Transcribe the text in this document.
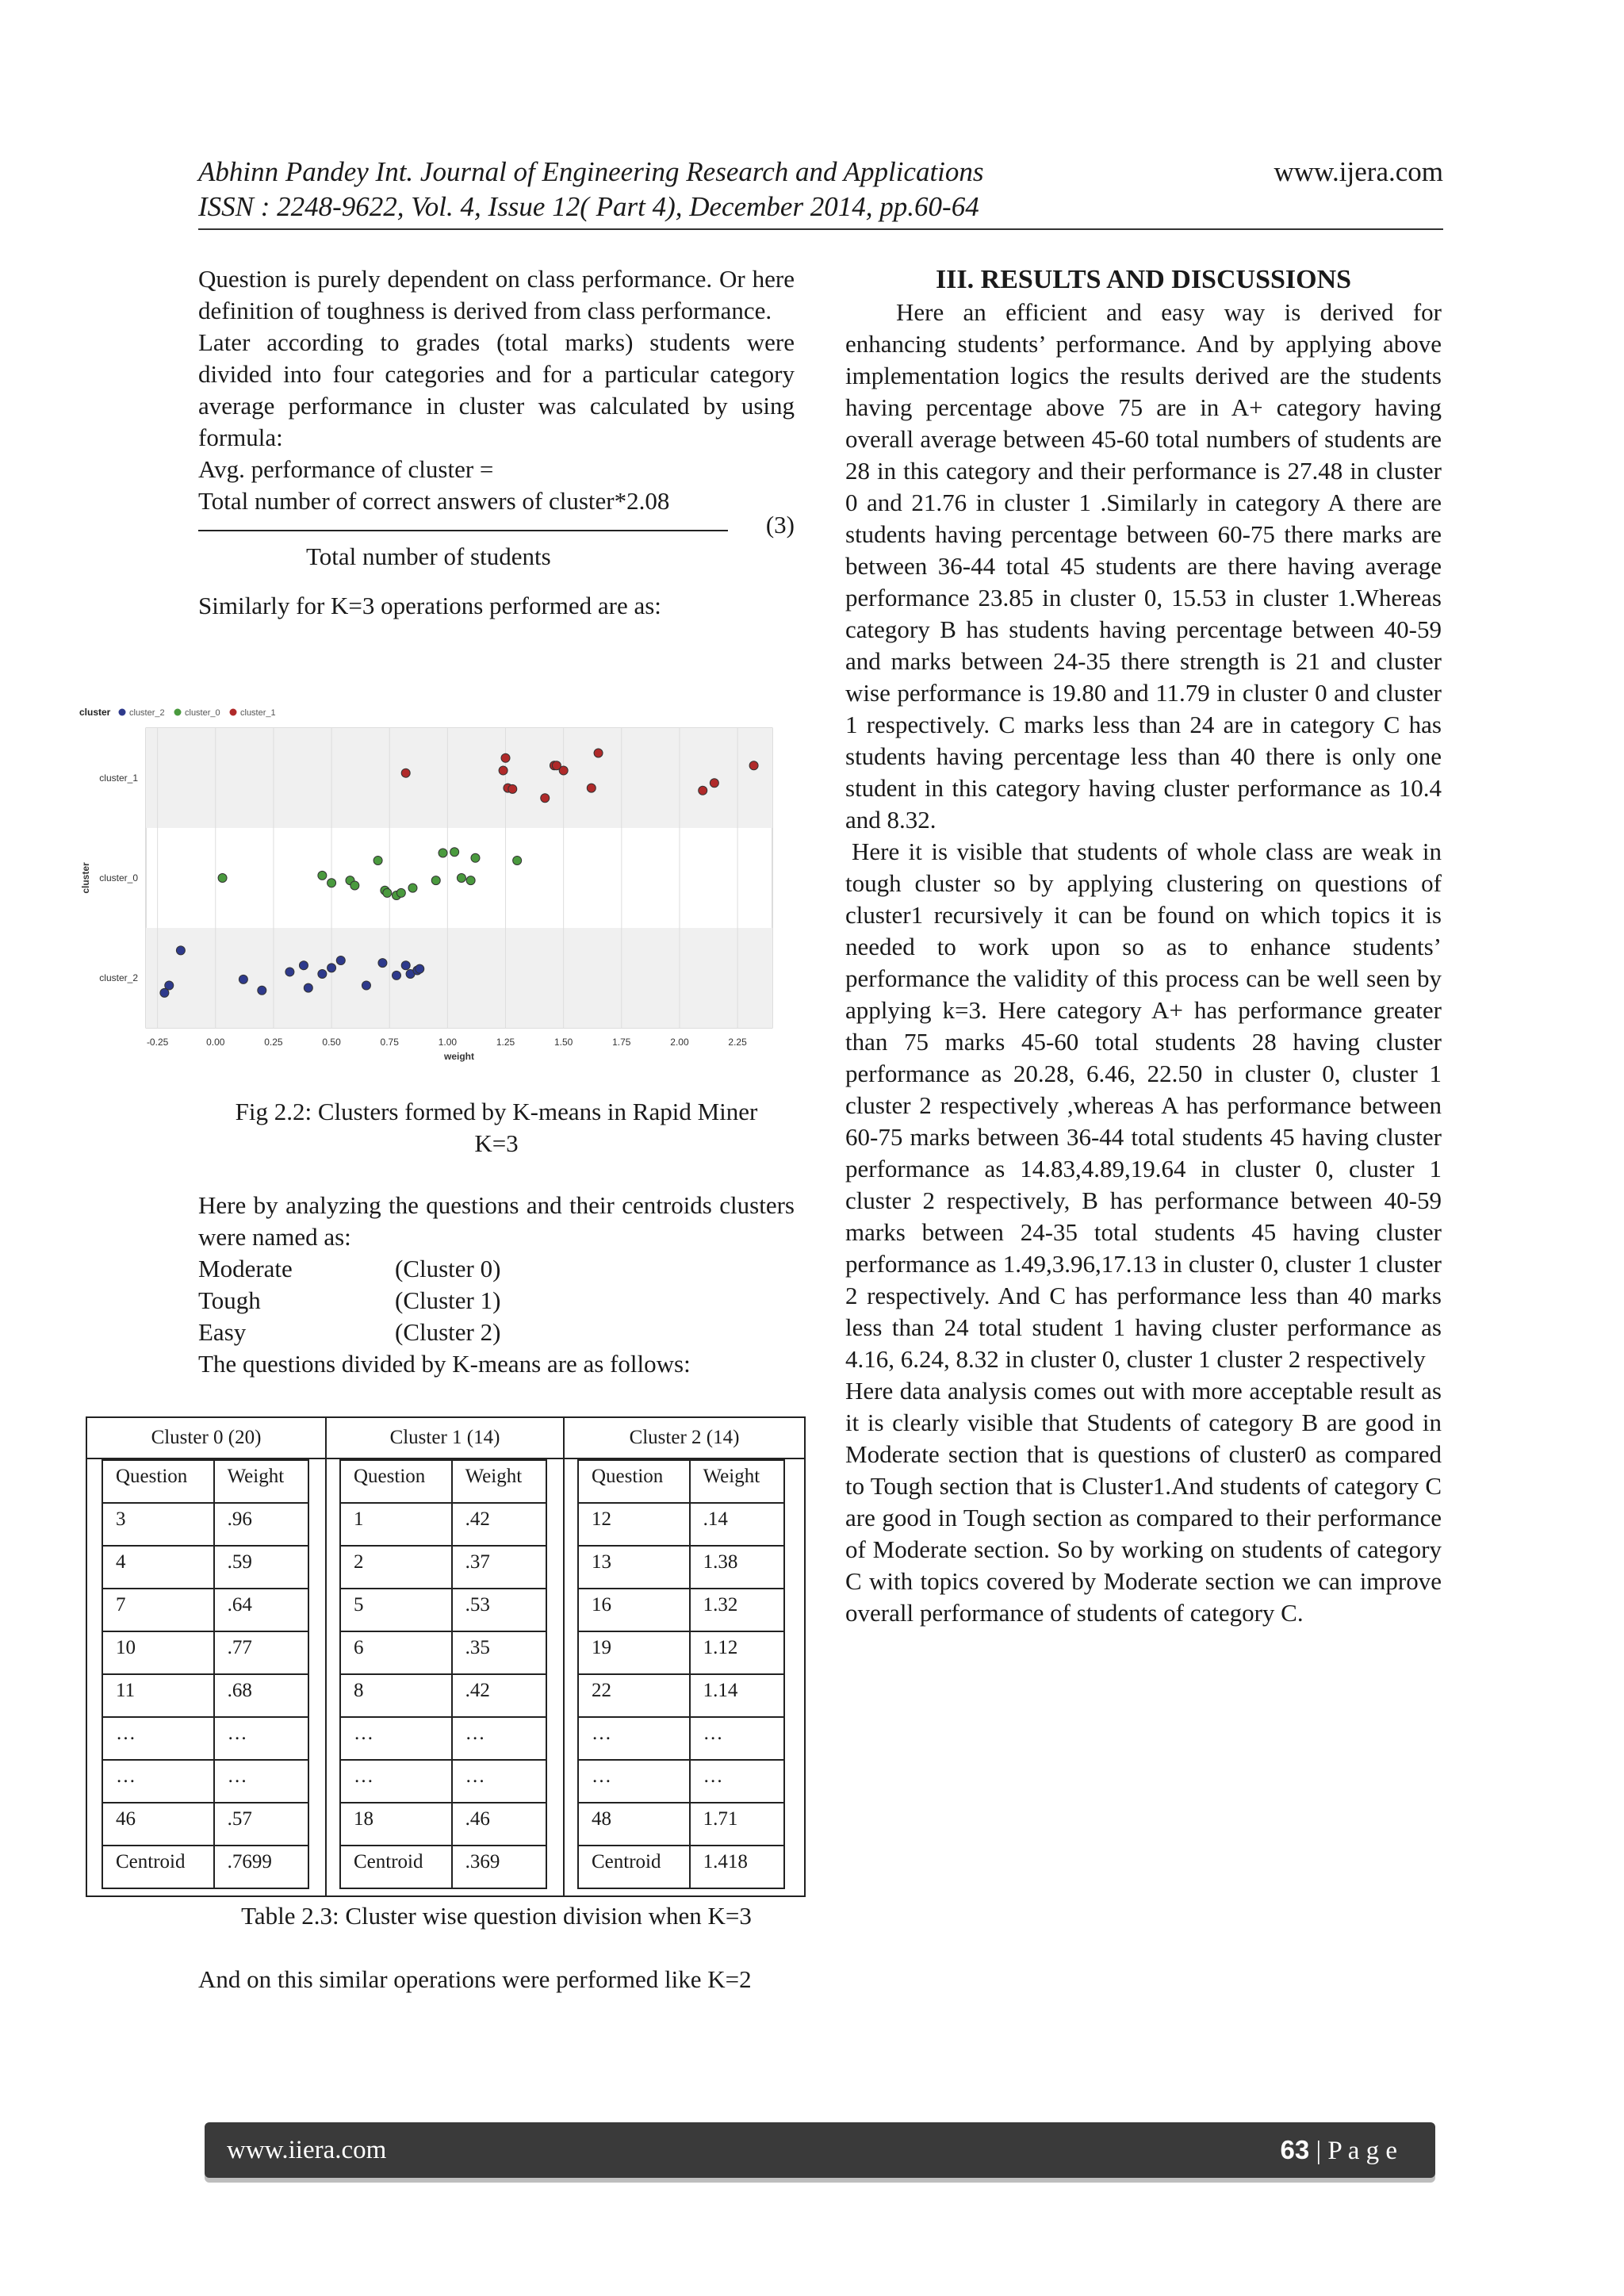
Abhinn Pandey Int. Journal of Engineering Research and Applications
ISSN : 2248-9622, Vol. 4, Issue 12( Part 4), December 2014, pp.60-64
www.ijera.com

Question is purely dependent on class performance. Or here definition of toughness is derived from class performance.

Later according to grades (total marks) students were divided into four categories and for a particular category average performance in cluster was calculated by using formula:

Avg. performance of cluster =
Total number of correct answers of cluster*2.08
(3)
Total number of students
Similarly for K=3 operations performed are as:
cluster cluster_2 cluster_0 cluster_1
cluster_2
cluster_0
cluster_1
cluster
-0.25	0.00	0.25	0.50	0.75	1.00	1.25	1.50	1.75	2.00	2.25
weight
Fig 2.2: Clusters formed by K-means in Rapid Miner
K=3

Here by analyzing the questions and their centroids clusters were named as:

Moderate	(Cluster 0)
Tough	(Cluster 1)
Easy	(Cluster 2)
The questions divided by K-means are as follows:
Cluster 0 (20)	Cluster 1 (14)	Cluster 2 (14)
Question	Weight
3	.96
4	.59
7	.64
10	.77
11	.68
…	…
…	…
46	.57
Centroid	.7699
Question	Weight
1	.42
2	.37
5	.53
6	.35
8	.42
…	…
…	…
18	.46
Centroid	.369
Question	Weight
12	.14
13	1.38
16	1.32
19	1.12
22	1.14
…	…
…	…
48	1.71
Centroid	1.418
Table 2.3: Cluster wise question division when K=3

And on this similar operations were performed like K=2

III. RESULTS AND DISCUSSIONS

Here an efficient and easy way is derived for enhancing students’ performance. And by applying above implementation logics the results derived are the students having percentage above 75 are in A+ category having overall average between 45-60 total numbers of students are 28 in this category and their performance is 27.48 in cluster 0 and 21.76 in cluster 1 .Similarly in category A there are students having percentage between 60-75 there marks are between 36-44 total 45 students are there having average performance 23.85 in cluster 0, 15.53 in cluster 1.Whereas category B has students having percentage between 40-59 and marks between 24-35 there strength is 21 and cluster wise performance is 19.80 and 11.79 in cluster 0 and cluster 1 respectively. C marks less than 24 are in category C has students having percentage less than 40 there is only one student in this category having cluster performance as 10.4 and 8.32.

Here it is visible that students of whole class are weak in tough cluster so by applying clustering on questions of cluster1 recursively it can be found on which topics it is needed to work upon so as to enhance students’ performance the validity of this process can be well seen by applying k=3. Here category A+ has performance greater than 75 marks 45-60 total students 28 having cluster performance as 20.28, 6.46, 22.50 in cluster 0, cluster 1 cluster 2 respectively ,whereas A has performance between 60-75 marks between 36-44 total students 45 having cluster performance as 14.83,4.89,19.64 in cluster 0, cluster 1 cluster 2 respectively, B has performance between 40-59 marks between 24-35 total students 45 having cluster performance as 1.49,3.96,17.13 in cluster 0, cluster 1 cluster 2 respectively. And C has performance less than 40 marks less than 24 total student 1 having cluster performance as 4.16, 6.24, 8.32 in cluster 0, cluster 1 cluster 2 respectively

Here data analysis comes out with more acceptable result as it is clearly visible that Students of category B are good in Moderate section that is questions of cluster0 as compared to Tough section that is Cluster1.And students of category C are good in Tough section as compared to their performance of Moderate section. So by working on students of category C with topics covered by Moderate section we can improve overall performance of students of category C.

www.iiera.com	63 | P a g e
